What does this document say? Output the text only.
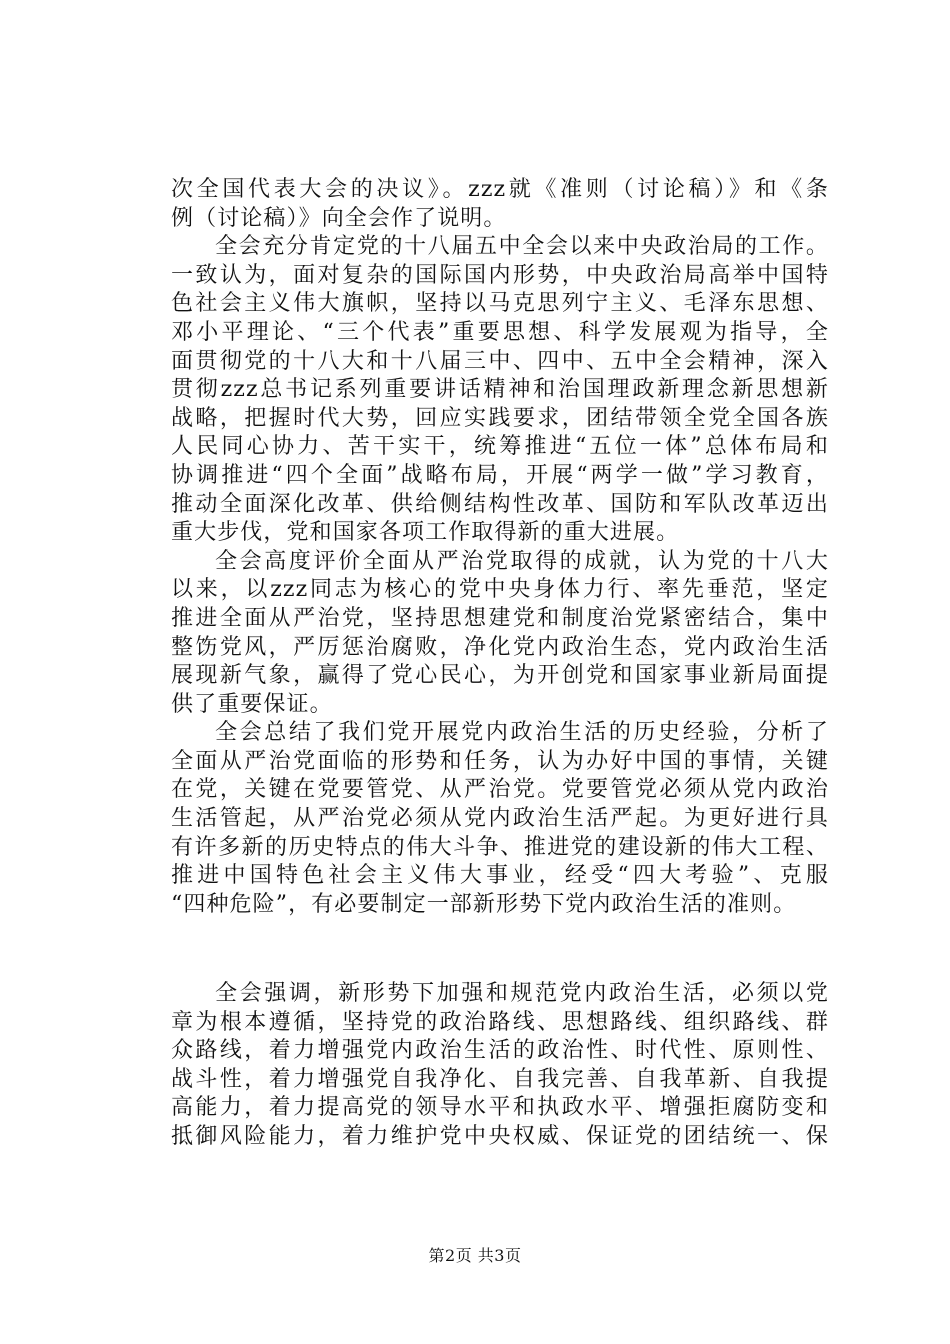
次全国代表大会的决议》。zzz就《准则（讨论稿）》和《条

例（讨论稿）》向全会作了说明。

全会充分肯定党的十八届五中全会以来中央政治局的工作。

一致认为，面对复杂的国际国内形势，中央政治局高举中国特

色社会主义伟大旗帜，坚持以马克思列宁主义、毛泽东思想、

邓小平理论、“三个代表”重要思想、科学发展观为指导，全

面贯彻党的十八大和十八届三中、四中、五中全会精神，深入

贯彻zzz总书记系列重要讲话精神和治国理政新理念新思想新

战略，把握时代大势，回应实践要求，团结带领全党全国各族

人民同心协力、苦干实干，统筹推进“五位一体”总体布局和

协调推进“四个全面”战略布局，开展“两学一做”学习教育，

推动全面深化改革、供给侧结构性改革、国防和军队改革迈出

重大步伐，党和国家各项工作取得新的重大进展。

全会高度评价全面从严治党取得的成就，认为党的十八大

以来，以zzz同志为核心的党中央身体力行、率先垂范，坚定

推进全面从严治党，坚持思想建党和制度治党紧密结合，集中

整饬党风，严厉惩治腐败，净化党内政治生态，党内政治生活

展现新气象，赢得了党心民心，为开创党和国家事业新局面提

供了重要保证。

全会总结了我们党开展党内政治生活的历史经验，分析了

全面从严治党面临的形势和任务，认为办好中国的事情，关键

在党，关键在党要管党、从严治党。党要管党必须从党内政治

生活管起，从严治党必须从党内政治生活严起。为更好进行具

有许多新的历史特点的伟大斗争、推进党的建设新的伟大工程、

推进中国特色社会主义伟大事业，经受“四大考验”、克服

“四种危险”，有必要制定一部新形势下党内政治生活的准则。

全会强调，新形势下加强和规范党内政治生活，必须以党

章为根本遵循，坚持党的政治路线、思想路线、组织路线、群

众路线，着力增强党内政治生活的政治性、时代性、原则性、

战斗性，着力增强党自我净化、自我完善、自我革新、自我提

高能力，着力提高党的领导水平和执政水平、增强拒腐防变和

抵御风险能力，着力维护党中央权威、保证党的团结统一、保

第2页 共3页
